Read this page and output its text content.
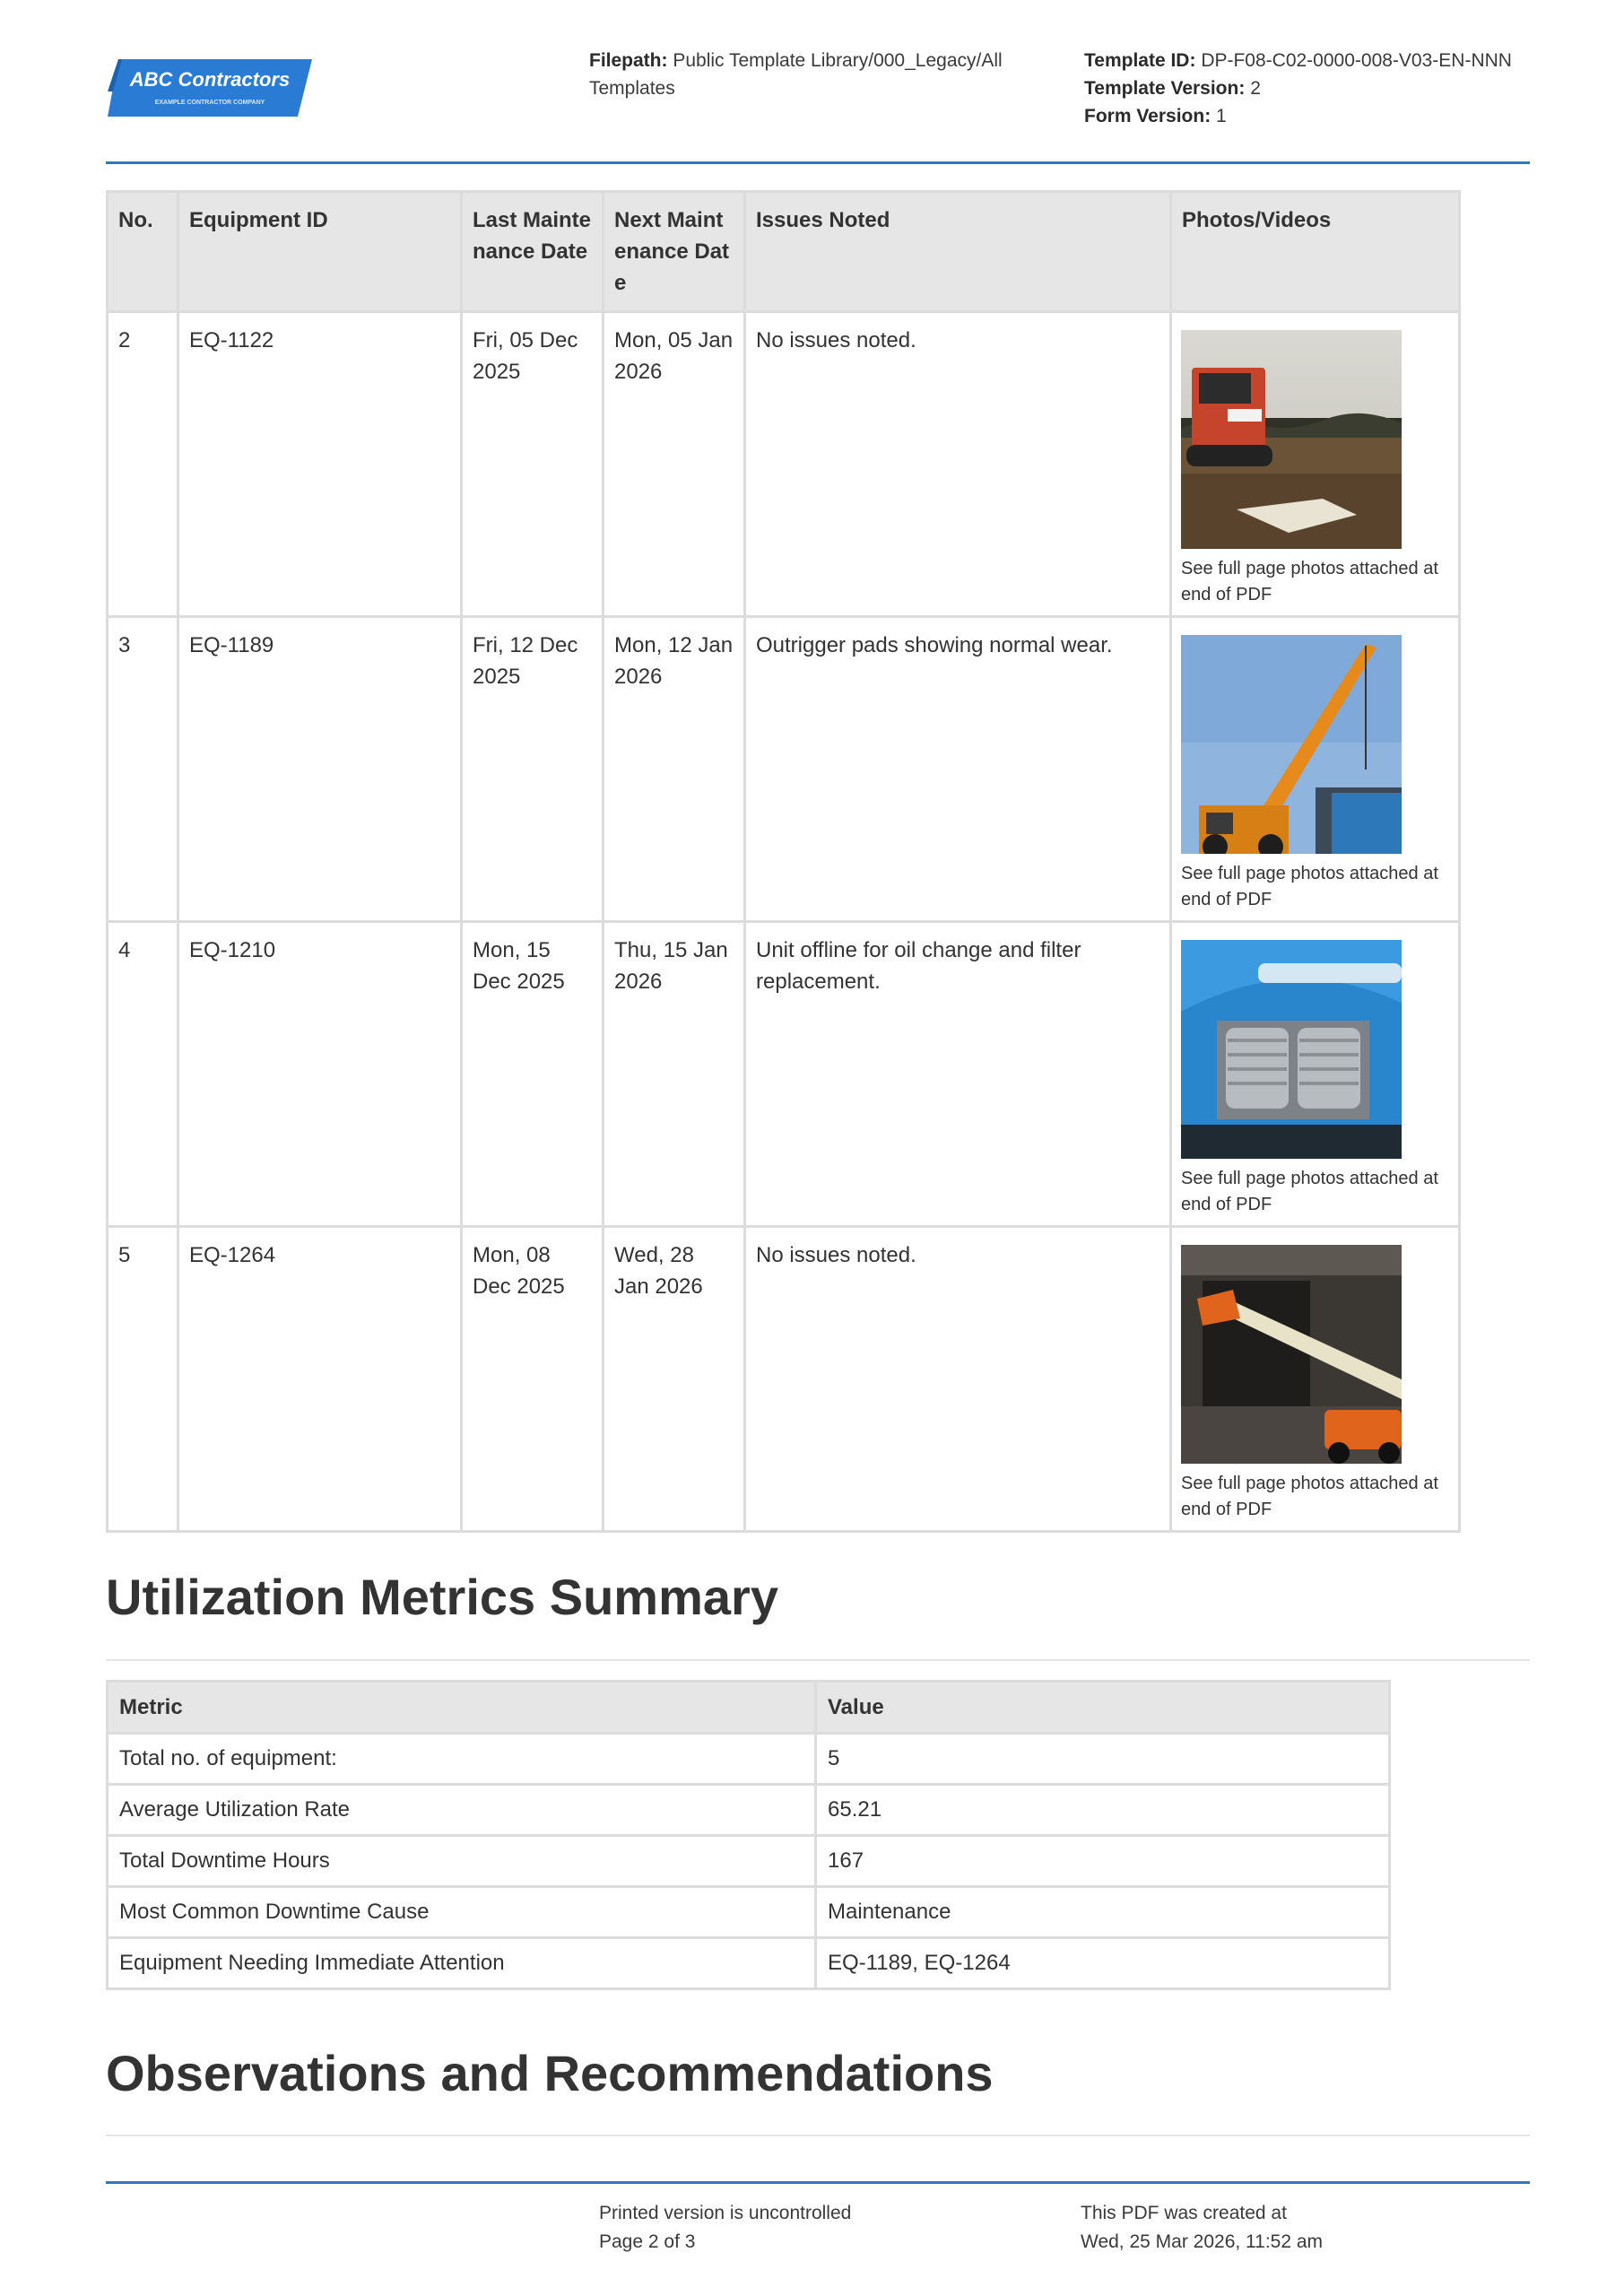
ABC Contractors
EXAMPLE CONTRACTOR COMPANY
Filepath: Public Template Library/000_Legacy/All Templates
Template ID: DP-F08-C02-0000-008-V03-EN-NNN
Template Version: 2
Form Version: 1
No.	Equipment ID	Last Maintenance Date	Next Maintenance Date	Issues Noted	Photos/Videos
2	EQ-1122	Fri, 05 Dec 2025	Mon, 05 Jan 2026	No issues noted.	See full page photos attached at end of PDF

3	EQ-1189	Fri, 12 Dec 2025	Mon, 12 Jan 2026	Outrigger pads showing normal wear.	See full page photos attached at end of PDF

4	EQ-1210	Mon, 15 Dec 2025	Thu, 15 Jan 2026	Unit offline for oil change and filter replacement.	See full page photos attached at end of PDF

5	EQ-1264	Mon, 08 Dec 2025	Wed, 28 Jan 2026	No issues noted.	See full page photos attached at end of PDF
Utilization Metrics Summary
Metric	Value
Total no. of equipment:	5
Average Utilization Rate	65.21
Total Downtime Hours	167
Most Common Downtime Cause	Maintenance
Equipment Needing Immediate Attention	EQ-1189, EQ-1264
Observations and Recommendations
Printed version is uncontrolled
Page 2 of 3
This PDF was created at
Wed, 25 Mar 2026, 11:52 am
